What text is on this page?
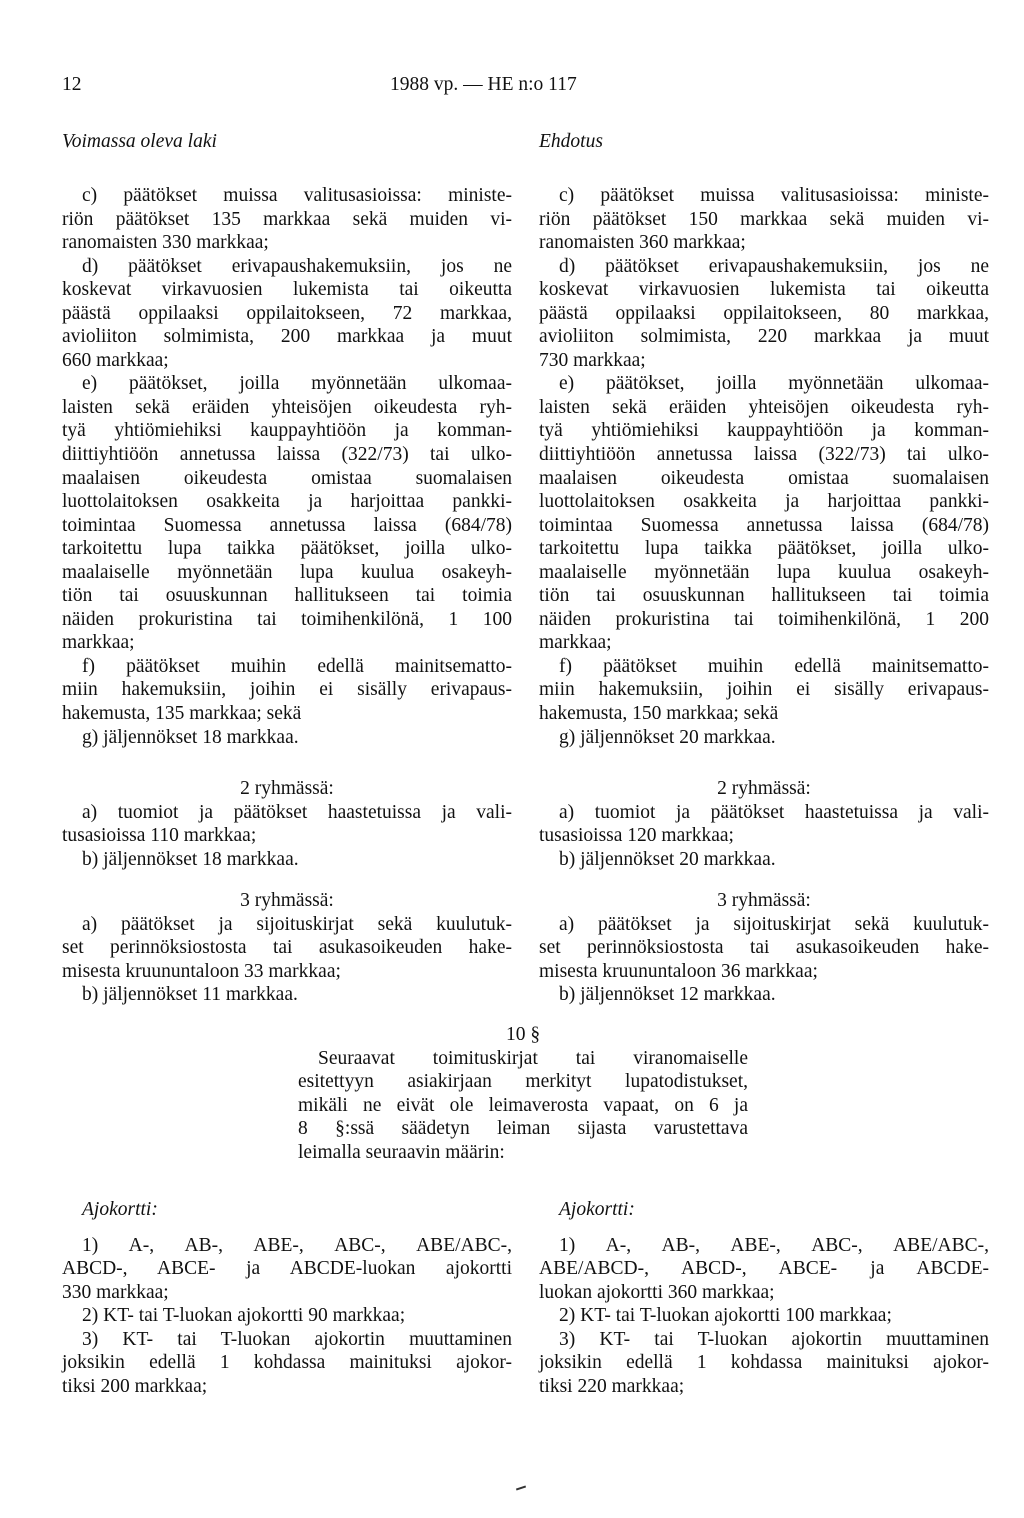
12	1988 vp. — HE n:o 117
Voimassa oleva laki	Ehdotus
c) päätökset muissa valitusasioissa: ministe-
riön päätökset 135 markkaa sekä muiden vi-
ranomaisten 330 markkaa;
d) päätökset erivapaushakemuksiin, jos ne
koskevat virkavuosien lukemista tai oikeutta
päästä oppilaaksi oppilaitokseen, 72 markkaa,
avioliiton solmimista, 200 markkaa ja muut
660 markkaa;
e) päätökset, joilla myönnetään ulkomaa-
laisten sekä eräiden yhteisöjen oikeudesta ryh-
tyä yhtiömiehiksi kauppayhtiöön ja komman-
diittiyhtiöön annetussa laissa (322/73) tai ulko-
maalaisen oikeudesta omistaa suomalaisen
luottolaitoksen osakkeita ja harjoittaa pankki-
toimintaa Suomessa annetussa laissa (684/78)
tarkoitettu lupa taikka päätökset, joilla ulko-
maalaiselle myönnetään lupa kuulua osakeyh-
tiön tai osuuskunnan hallitukseen tai toimia
näiden prokuristina tai toimihenkilönä, 1 100
markkaa;
f) päätökset muihin edellä mainitsematto-
miin hakemuksiin, joihin ei sisälly erivapaus-
hakemusta, 135 markkaa; sekä
g) jäljennökset 18 markkaa.
c) päätökset muissa valitusasioissa: ministe-
riön päätökset 150 markkaa sekä muiden vi-
ranomaisten 360 markkaa;
d) päätökset erivapaushakemuksiin, jos ne
koskevat virkavuosien lukemista tai oikeutta
päästä oppilaaksi oppilaitokseen, 80 markkaa,
avioliiton solmimista, 220 markkaa ja muut
730 markkaa;
e) päätökset, joilla myönnetään ulkomaa-
laisten sekä eräiden yhteisöjen oikeudesta ryh-
tyä yhtiömiehiksi kauppayhtiöön ja komman-
diittiyhtiöön annetussa laissa (322/73) tai ulko-
maalaisen oikeudesta omistaa suomalaisen
luottolaitoksen osakkeita ja harjoittaa pankki-
toimintaa Suomessa annetussa laissa (684/78)
tarkoitettu lupa taikka päätökset, joilla ulko-
maalaiselle myönnetään lupa kuulua osakeyh-
tiön tai osuuskunnan hallitukseen tai toimia
näiden prokuristina tai toimihenkilönä, 1 200
markkaa;
f) päätökset muihin edellä mainitsematto-
miin hakemuksiin, joihin ei sisälly erivapaus-
hakemusta, 150 markkaa; sekä
g) jäljennökset 20 markkaa.
2 ryhmässä:
a) tuomiot ja päätökset haastetuissa ja vali-
tusasioissa 110 markkaa;
b) jäljennökset 18 markkaa.
2 ryhmässä:
a) tuomiot ja päätökset haastetuissa ja vali-
tusasioissa 120 markkaa;
b) jäljennökset 20 markkaa.
3 ryhmässä:
a) päätökset ja sijoituskirjat sekä kuulutuk-
set perinnöksiostosta tai asukasoikeuden hake-
misesta kruununtaloon 33 markkaa;
b) jäljennökset 11 markkaa.
3 ryhmässä:
a) päätökset ja sijoituskirjat sekä kuulutuk-
set perinnöksiostosta tai asukasoikeuden hake-
misesta kruununtaloon 36 markkaa;
b) jäljennökset 12 markkaa.
10 §
Seuraavat toimituskirjat tai viranomaiselle
esitettyyn asiakirjaan merkityt lupatodistukset,
mikäli ne eivät ole leimaverosta vapaat, on 6 ja
8 §:ssä säädetyn leiman sijasta varustettava
leimalla seuraavin määrin:
Ajokortti:
1) A-, AB-, ABE-, ABC-, ABE/ABC-,
ABCD-, ABCE- ja ABCDE-luokan ajokortti
330 markkaa;
2) KT- tai T-luokan ajokortti 90 markkaa;
3) KT- tai T-luokan ajokortin muuttaminen
joksikin edellä 1 kohdassa mainituksi ajokor-
tiksi 200 markkaa;
Ajokortti:
1) A-, AB-, ABE-, ABC-, ABE/ABC-,
ABE/ABCD-, ABCD-, ABCE- ja ABCDE-
luokan ajokortti 360 markkaa;
2) KT- tai T-luokan ajokortti 100 markkaa;
3) KT- tai T-luokan ajokortin muuttaminen
joksikin edellä 1 kohdassa mainituksi ajokor-
tiksi 220 markkaa;
